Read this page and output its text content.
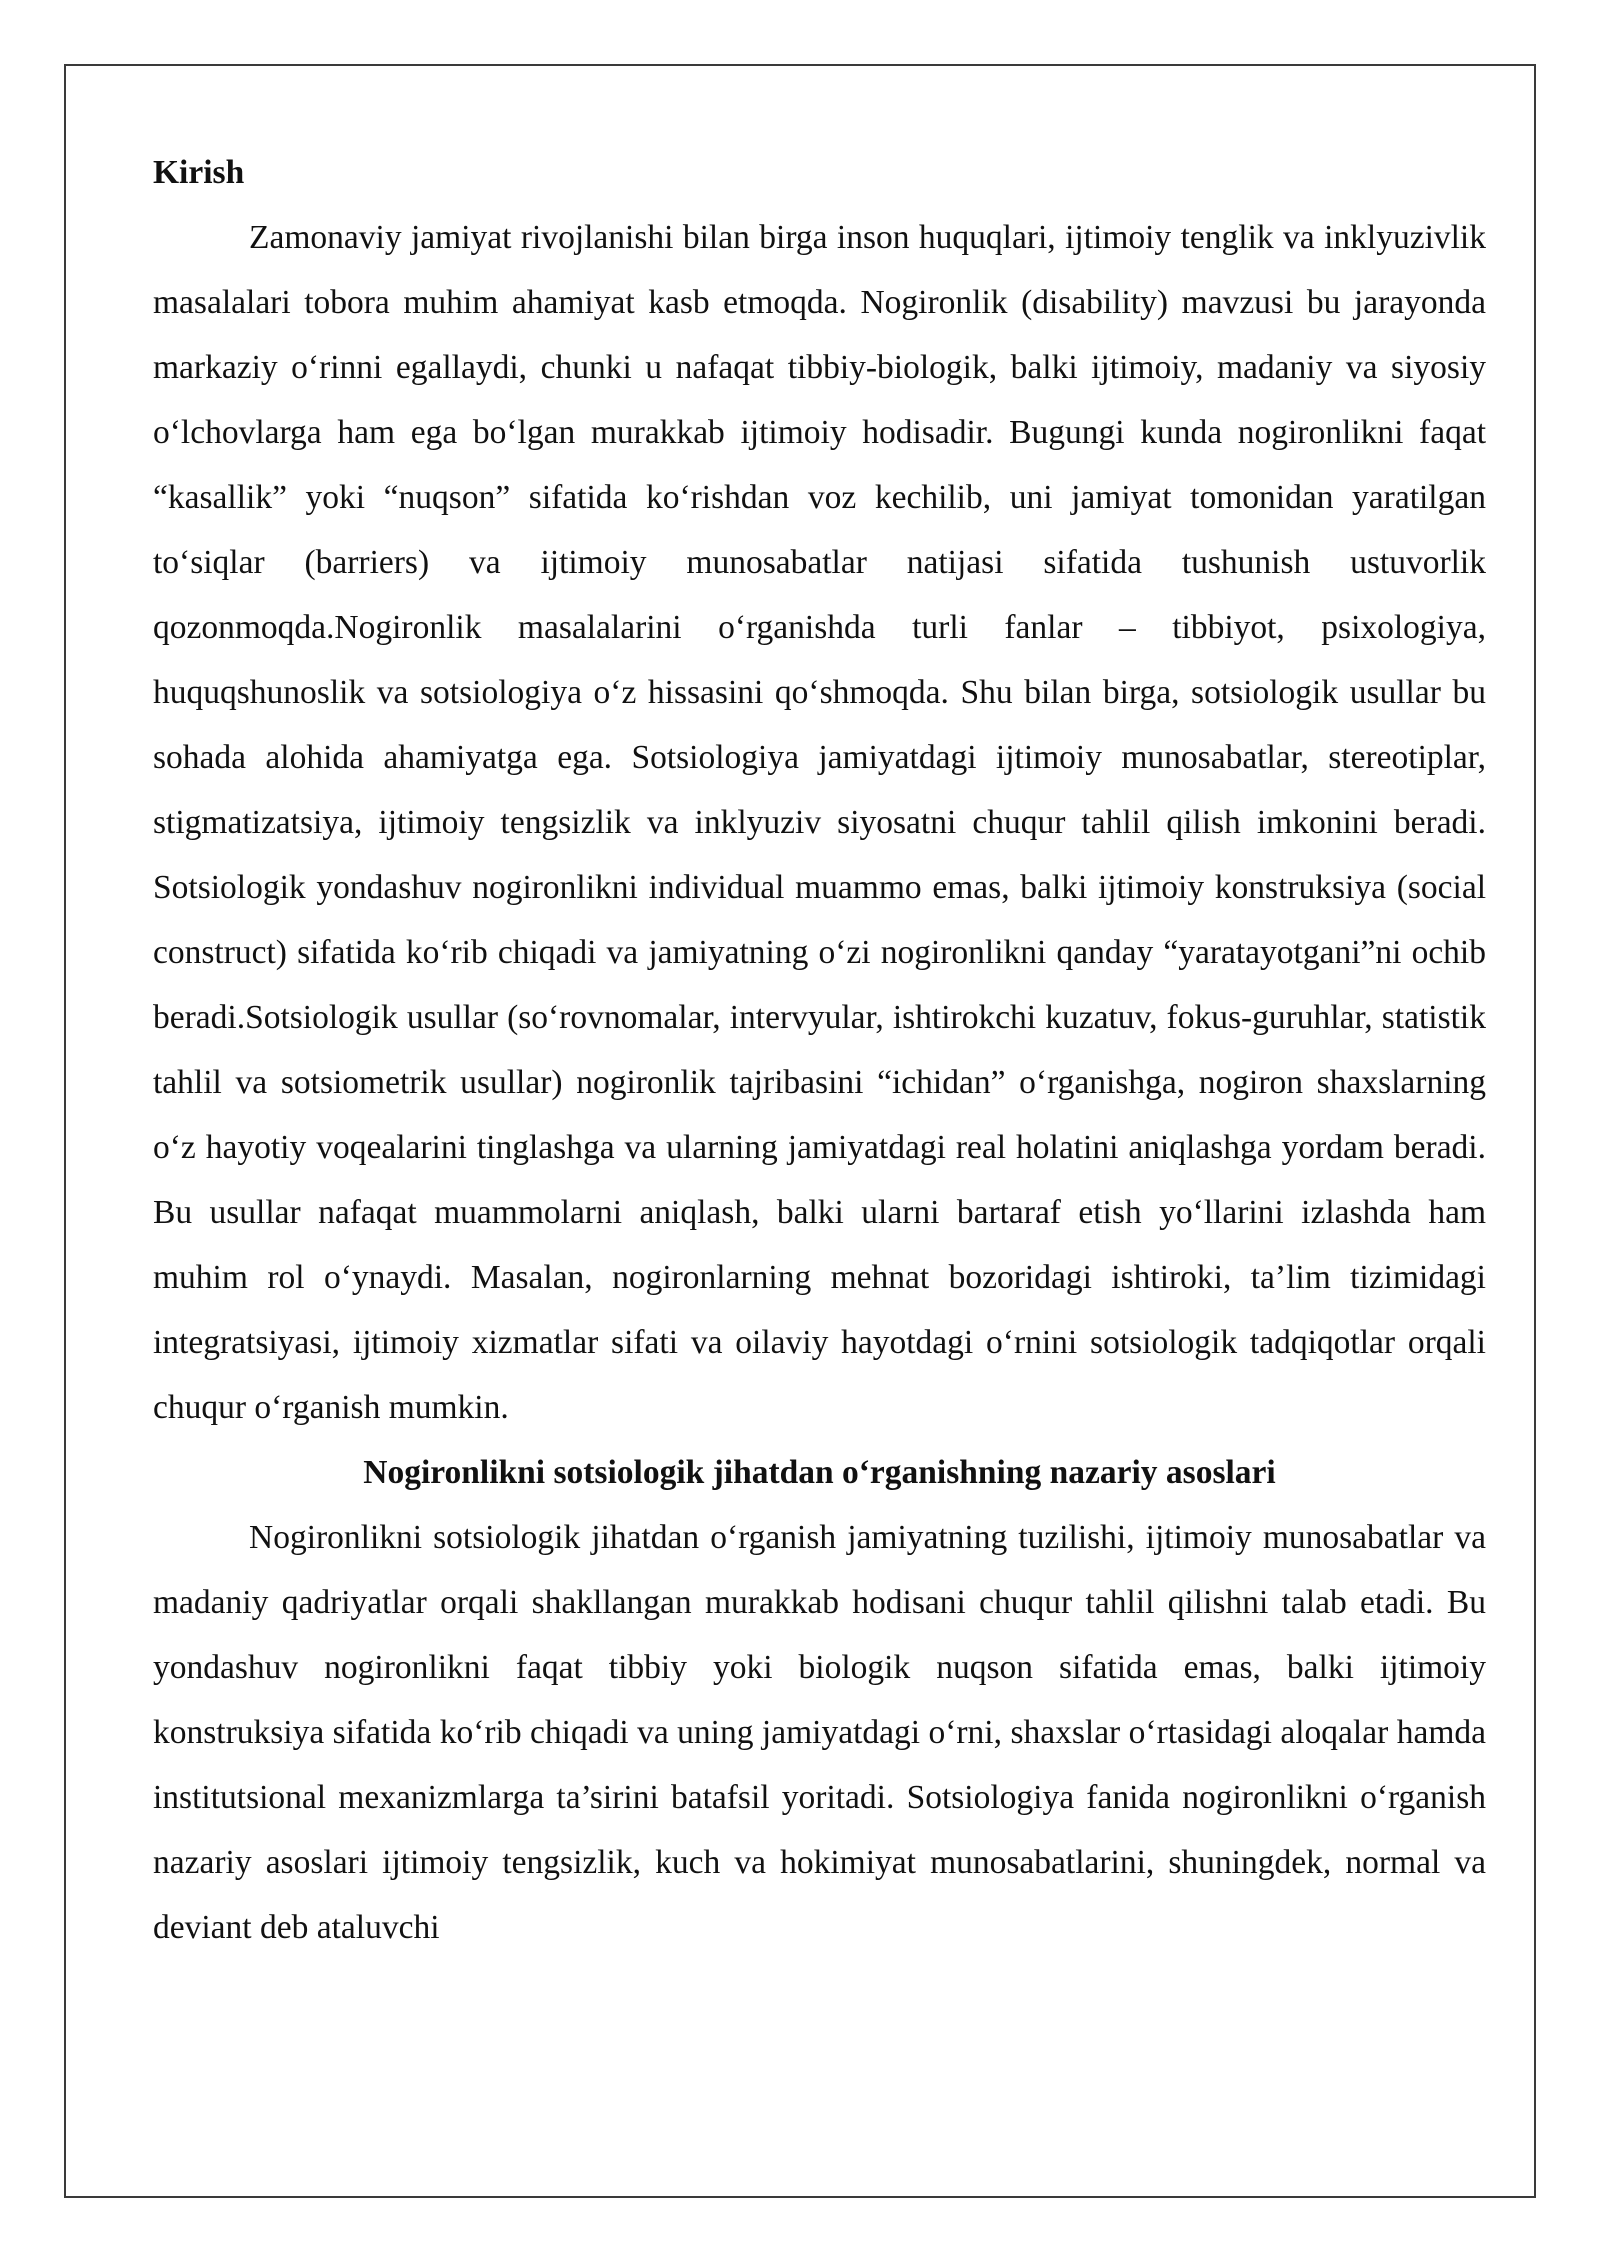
Kirish

Zamonaviy jamiyat rivojlanishi bilan birga inson huquqlari, ijtimoiy tenglik va inklyuzivlik masalalari tobora muhim ahamiyat kasb etmoqda. Nogironlik (disability) mavzusi bu jarayonda markaziy o‘rinni egallaydi, chunki u nafaqat tibbiy-biologik, balki ijtimoiy, madaniy va siyosiy o‘lchovlarga ham ega bo‘lgan murakkab ijtimoiy hodisadir. Bugungi kunda nogironlikni faqat “kasallik” yoki “nuqson” sifatida ko‘rishdan voz kechilib, uni jamiyat tomonidan yaratilgan to‘siqlar (barriers) va ijtimoiy munosabatlar natijasi sifatida tushunish ustuvorlik qozonmoqda.Nogironlik masalalarini o‘rganishda turli fanlar – tibbiyot, psixologiya, huquqshunoslik va sotsiologiya o‘z hissasini qo‘shmoqda. Shu bilan birga, sotsiologik usullar bu sohada alohida ahamiyatga ega. Sotsiologiya jamiyatdagi ijtimoiy munosabatlar, stereotiplar, stigmatizatsiya, ijtimoiy tengsizlik va inklyuziv siyosatni chuqur tahlil qilish imkonini beradi. Sotsiologik yondashuv nogironlikni individual muammo emas, balki ijtimoiy konstruksiya (social construct) sifatida ko‘rib chiqadi va jamiyatning o‘zi nogironlikni qanday “yaratayotgani”ni ochib beradi.Sotsiologik usullar (so‘rovnomalar, intervyular, ishtirokchi kuzatuv, fokus-guruhlar, statistik tahlil va sotsiometrik usullar) nogironlik tajribasini “ichidan” o‘rganishga, nogiron shaxslarning o‘z hayotiy voqealarini tinglashga va ularning jamiyatdagi real holatini aniqlashga yordam beradi. Bu usullar nafaqat muammolarni aniqlash, balki ularni bartaraf etish yo‘llarini izlashda ham muhim rol o‘ynaydi. Masalan, nogironlarning mehnat bozoridagi ishtiroki, ta’lim tizimidagi integratsiyasi, ijtimoiy xizmatlar sifati va oilaviy hayotdagi o‘rnini sotsiologik tadqiqotlar orqali chuqur o‘rganish mumkin.

Nogironlikni sotsiologik jihatdan o‘rganishning nazariy asoslari

Nogironlikni sotsiologik jihatdan o‘rganish jamiyatning tuzilishi, ijtimoiy munosabatlar va madaniy qadriyatlar orqali shakllangan murakkab hodisani chuqur tahlil qilishni talab etadi. Bu yondashuv nogironlikni faqat tibbiy yoki biologik nuqson sifatida emas, balki ijtimoiy konstruksiya sifatida ko‘rib chiqadi va uning jamiyatdagi o‘rni, shaxslar o‘rtasidagi aloqalar hamda institutsional mexanizmlarga ta’sirini batafsil yoritadi. Sotsiologiya fanida nogironlikni o‘rganish nazariy asoslari ijtimoiy tengsizlik, kuch va hokimiyat munosabatlarini, shuningdek, normal va deviant deb ataluvchi
